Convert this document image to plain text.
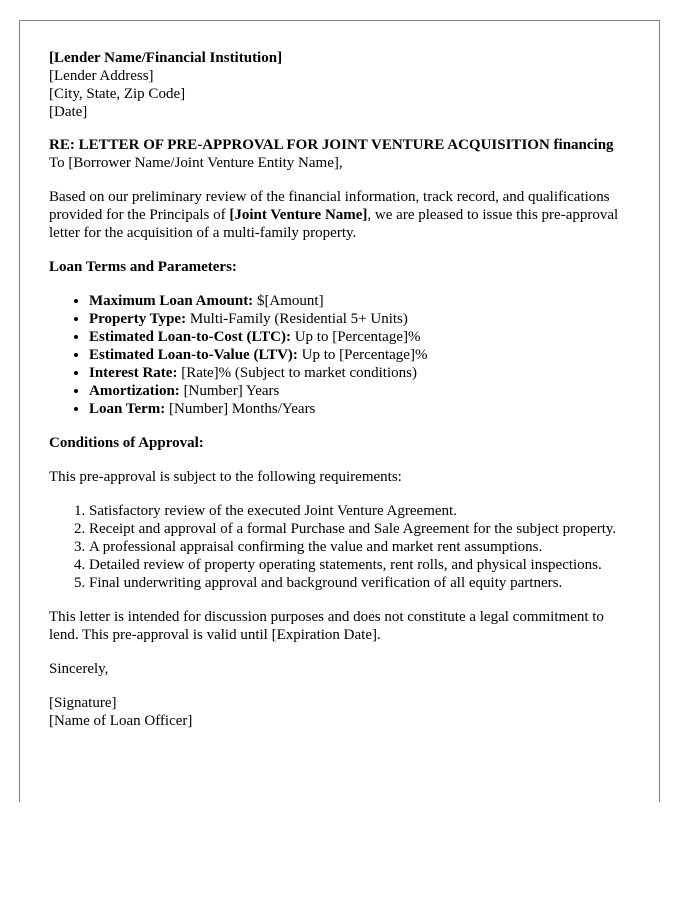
[Lender Name/Financial Institution]

[Lender Address]

[City, State, Zip Code]

[Date]

RE: LETTER OF PRE-APPROVAL FOR JOINT VENTURE ACQUISITION financing

To [Borrower Name/Joint Venture Entity Name],

Based on our preliminary review of the financial information, track record, and qualifications provided for the Principals of [Joint Venture Name], we are pleased to issue this pre-approval letter for the acquisition of a multi-family property.

Loan Terms and Parameters:

• Maximum Loan Amount: $[Amount]
• Property Type: Multi-Family (Residential 5+ Units)
• Estimated Loan-to-Cost (LTC): Up to [Percentage]%
• Estimated Loan-to-Value (LTV): Up to [Percentage]%
• Interest Rate: [Rate]% (Subject to market conditions)
• Amortization: [Number] Years
• Loan Term: [Number] Months/Years

Conditions of Approval:

This pre-approval is subject to the following requirements:

1. Satisfactory review of the executed Joint Venture Agreement.
2. Receipt and approval of a formal Purchase and Sale Agreement for the subject property.
3. A professional appraisal confirming the value and market rent assumptions.
4. Detailed review of property operating statements, rent rolls, and physical inspections.
5. Final underwriting approval and background verification of all equity partners.

This letter is intended for discussion purposes and does not constitute a legal commitment to lend. This pre-approval is valid until [Expiration Date].

Sincerely,

[Signature]

[Name of Loan Officer]
